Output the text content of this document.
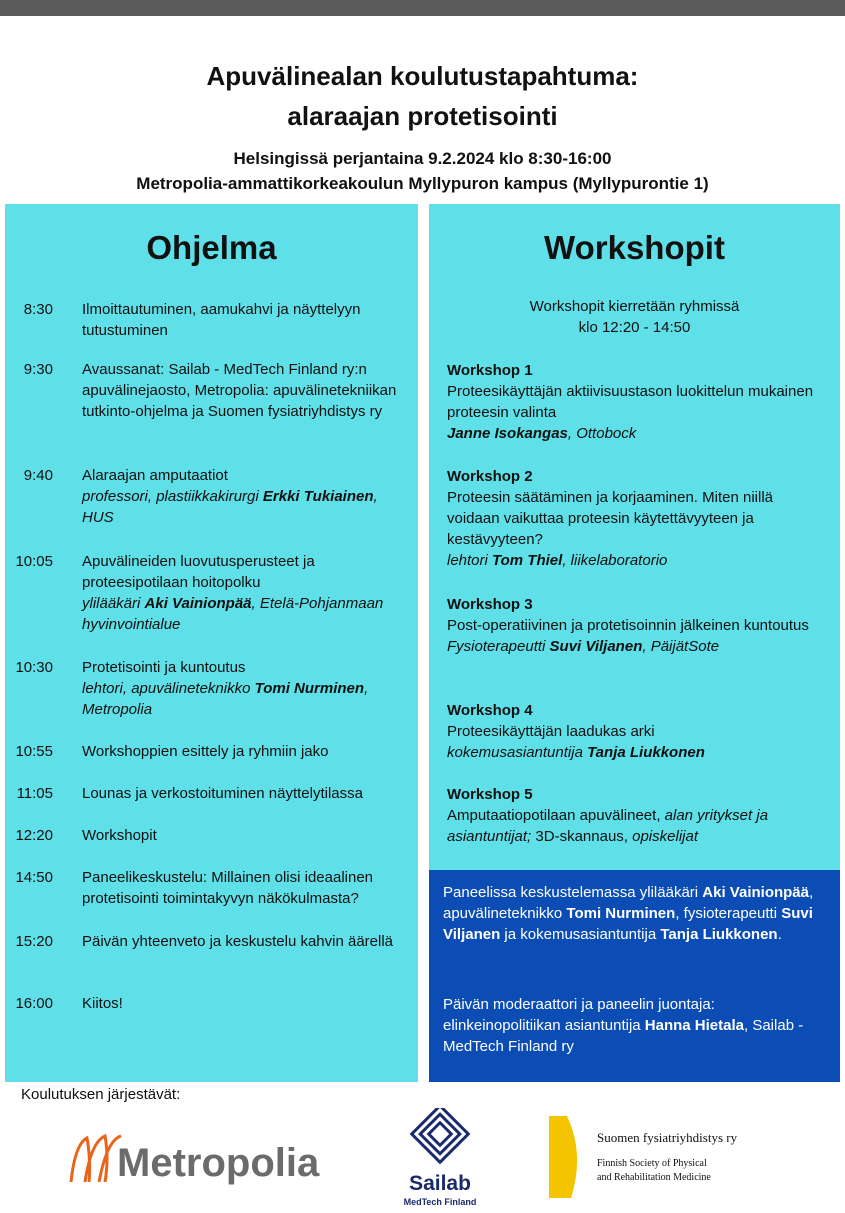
Apuvälinealan koulutustapahtuma:
alaraajan protetisointi
Helsingissä perjantaina 9.2.2024 klo 8:30-16:00
Metropolia-ammattikorkeakoulun Myllypuron kampus (Myllypurontie 1)
Ohjelma
8:30 Ilmoittautuminen, aamukahvi ja näyttelyyn tutustuminen
9:30 Avaussanat: Sailab - MedTech Finland ry:n apuvälinejaosto, Metropolia: apuvälinetekniikan tutkinto-ohjelma ja Suomen fysiatriyhdistys ry
9:40 Alaraajan amputaatiot
professori, plastiikkakirurgi Erkki Tukiainen, HUS
10:05 Apuvälineiden luovutusperusteet ja proteesipotilaan hoitopolku
ylilääkäri Aki Vainionpää, Etelä-Pohjanmaan hyvinvointialue
10:30 Protetisointi ja kuntoutus
lehtori, apuvälineteknikko Tomi Nurminen, Metropolia
10:55 Workshoppien esittely ja ryhmiin jako
11:05 Lounas ja verkostoituminen näyttelytilassa
12:20 Workshopit
14:50 Paneelikeskustelu: Millainen olisi ideaalinen protetisointi toimintakyvyn näkökulmasta?
15:20 Päivän yhteenveto ja keskustelu kahvin äärellä
16:00 Kiitos!
Workshopit
Workshopit kierretään ryhmissä
klo 12:20 - 14:50
Workshop 1
Proteesikäyttäjän aktiivisuustason luokittelun mukainen proteesin valinta
Janne Isokangas, Ottobock
Workshop 2
Proteesin säätäminen ja korjaaminen. Miten niillä voidaan vaikuttaa proteesin käytettävyyteen ja kestävyyteen?
lehtori Tom Thiel, liikelaboratorio
Workshop 3
Post-operatiivinen ja protetisoinnin jälkeinen kuntoutus
Fysioterapeutti Suvi Viljanen, PäijätSote
Workshop 4
Proteesikäyttäjän laadukas arki
kokemusasiantuntija Tanja Liukkonen
Workshop 5
Amputaatiopotilaan apuvälineet, alan yritykset ja asiantuntijat; 3D-skannaus, opiskelijat

Paneelissa keskustelemassa ylilääkäri Aki Vainionpää, apuvälineteknikko Tomi Nurminen, fysioterapeutti Suvi Viljanen ja kokemusasiantuntija Tanja Liukkonen.

Päivän moderaattori ja paneelin juontaja: elinkeinopolitiikan asiantuntija Hanna Hietala, Sailab - MedTech Finland ry

Koulutuksen järjestävät:
Metropolia	Sailab
MedTech Finland
Suomen fysiatriyhdistys ry
Finnish Society of Physical
and Rehabilitation Medicine
